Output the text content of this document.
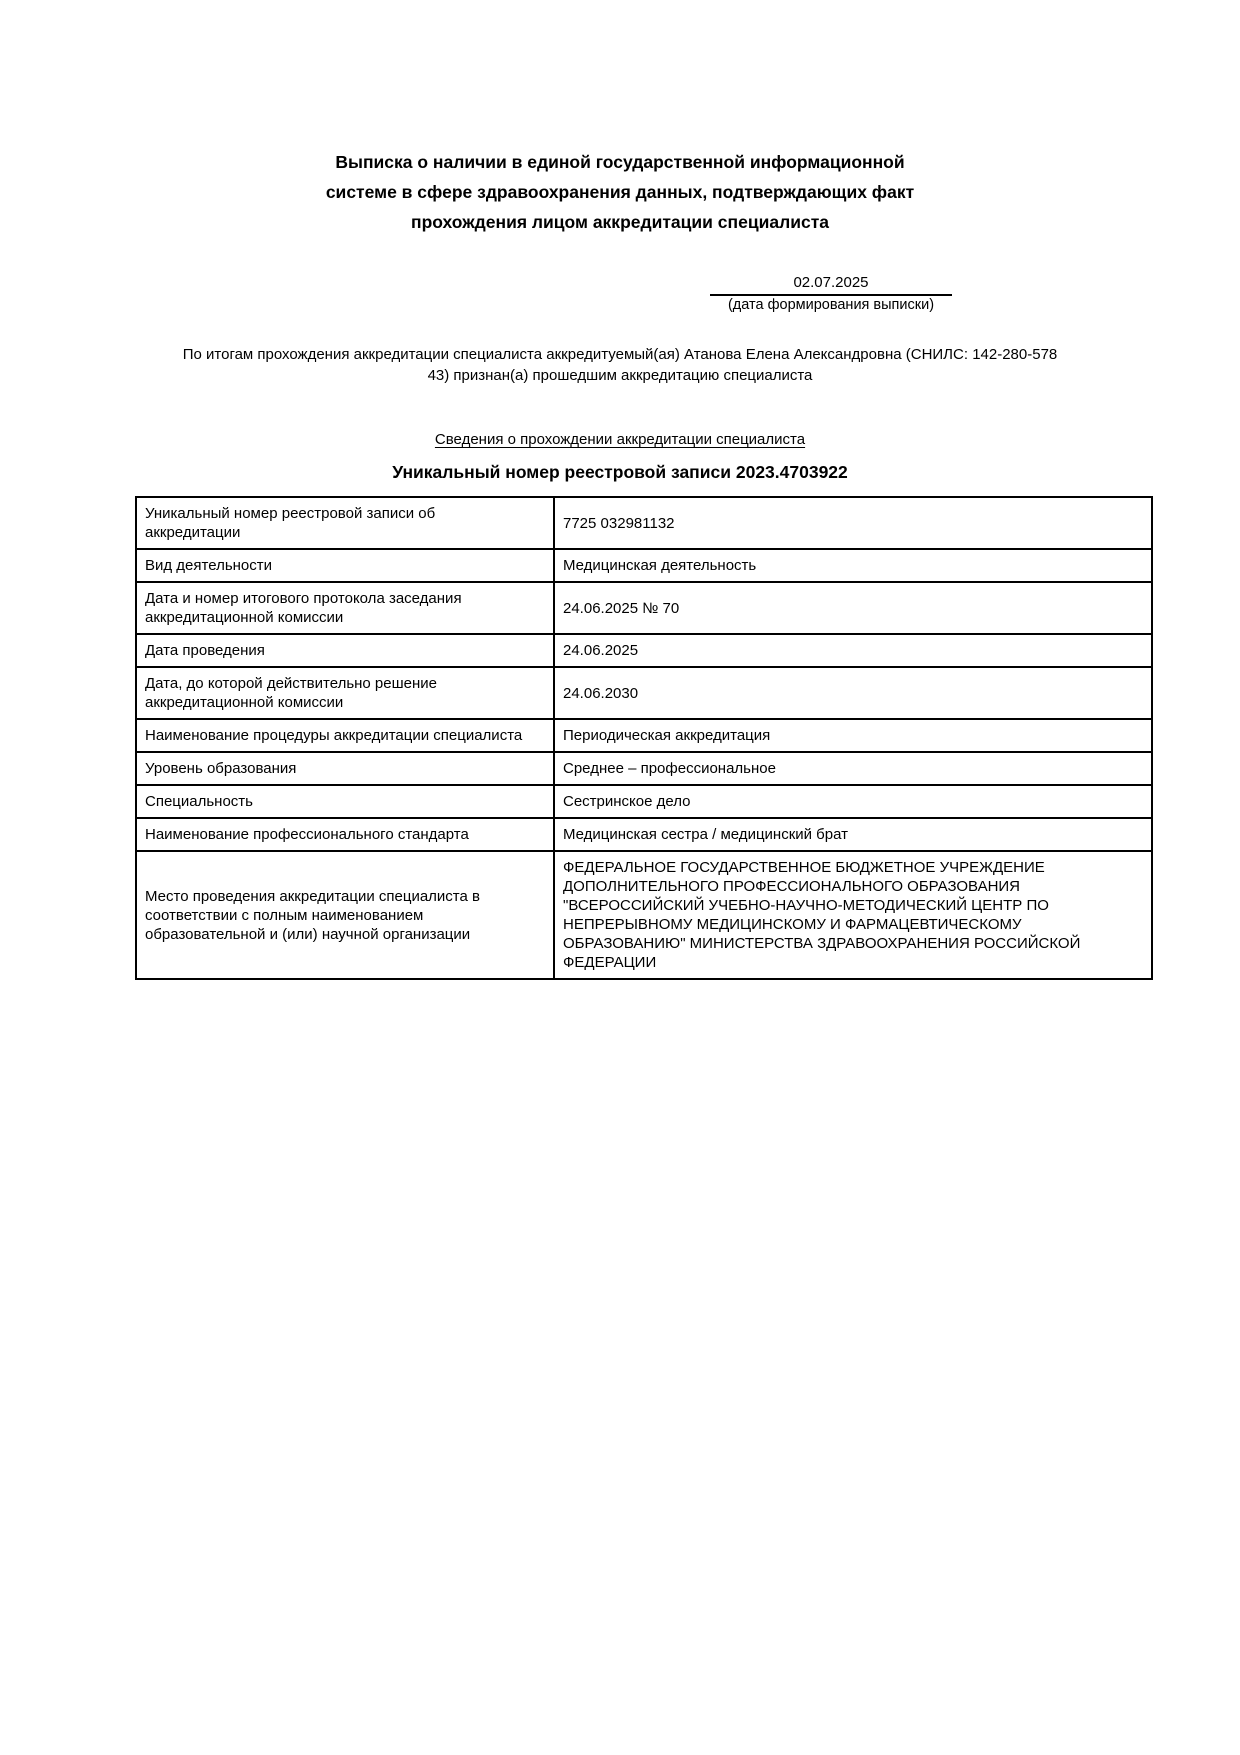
Выписка о наличии в единой государственной информационной
системе в сфере здравоохранения данных, подтверждающих факт
прохождения лицом аккредитации специалиста
02.07.2025
(дата формирования выписки)

По итогам прохождения аккредитации специалиста аккредитуемый(ая) Атанова Елена Александровна (СНИЛС: 142-280-578
43) признан(а) прошедшим аккредитацию специалиста

Сведения о прохождении аккредитации специалиста
Уникальный номер реестровой записи 2023.4703922
Уникальный номер реестровой записи об аккредитации	7725 032981132
Вид деятельности	Медицинская деятельность
Дата и номер итогового протокола заседания аккредитационной комиссии	24.06.2025 № 70
Дата проведения	24.06.2025
Дата, до которой действительно решение аккредитационной комиссии	24.06.2030
Наименование процедуры аккредитации специалиста	Периодическая аккредитация
Уровень образования	Среднее – профессиональное
Специальность	Сестринское дело
Наименование профессионального стандарта	Медицинская сестра / медицинский брат
Место проведения аккредитации специалиста в соответствии с полным наименованием образовательной и (или) научной организации	ФЕДЕРАЛЬНОЕ ГОСУДАРСТВЕННОЕ БЮДЖЕТНОЕ УЧРЕЖДЕНИЕ ДОПОЛНИТЕЛЬНОГО ПРОФЕССИОНАЛЬНОГО ОБРАЗОВАНИЯ "ВСЕРОССИЙСКИЙ УЧЕБНО-НАУЧНО-МЕТОДИЧЕСКИЙ ЦЕНТР ПО НЕПРЕРЫВНОМУ МЕДИЦИНСКОМУ И ФАРМАЦЕВТИЧЕСКОМУ ОБРАЗОВАНИЮ" МИНИСТЕРСТВА ЗДРАВООХРАНЕНИЯ РОССИЙСКОЙ ФЕДЕРАЦИИ
